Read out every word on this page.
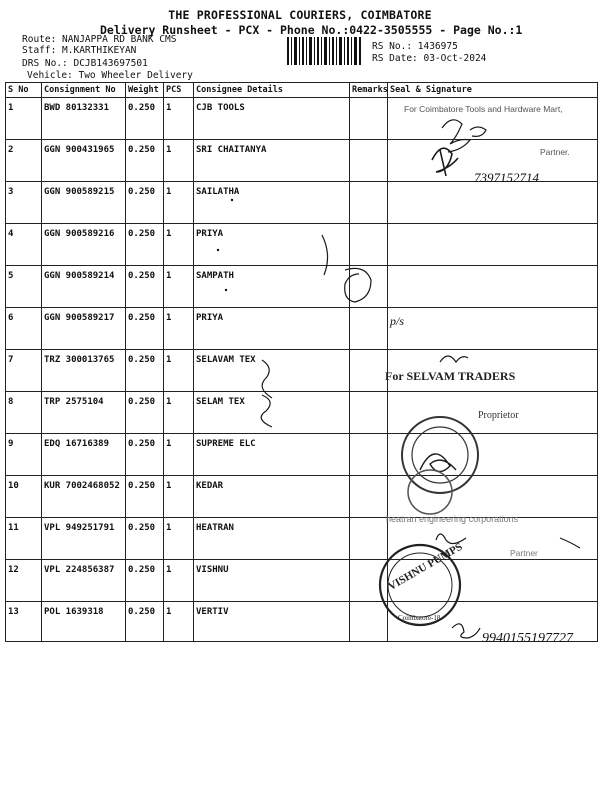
THE PROFESSIONAL COURIERS, COIMBATORE
Delivery Runsheet - PCX - Phone No.:0422-3505555 - Page No.:1
Route: NANJAPPA RD BANK CMS
Staff: M.KARTHIKEYAN
DRS No.: DCJB143697501
Vehicle: Two Wheeler Delivery
RS No.: 1436975
RS Date: 03-Oct-2024
S No	Consignment No	Weight	PCS	Consignee Details	Remarks	Seal & Signature
1	BWD 80132331	0.250	1	CJB TOOLS		
2	GGN 900431965	0.250	1	SRI CHAITANYA		
3	GGN 900589215	0.250	1	SAILATHA		
4	GGN 900589216	0.250	1	PRIYA		
5	GGN 900589214	0.250	1	SAMPATH		
6	GGN 900589217	0.250	1	PRIYA		
7	TRZ 300013765	0.250	1	SELAVAM TEX		
8	TRP 2575104	0.250	1	SELAM TEX		
9	EDQ 16716389	0.250	1	SUPREME ELC		
10	KUR 7002468052	0.250	1	KEDAR		
11	VPL 949251791	0.250	1	HEATRAN		
12	VPL 224856387	0.250	1	VISHNU		
13	POL 1639318	0.250	1	VERTIV		
For Coimbatore Tools and Hardware Mart,
Partner.
7397152714
p/s
For SELVAM TRADERS
Proprietor
heatran engineering corporations
Partner
VISHNU PUMPS
Coimbatore-18
9940155197727
